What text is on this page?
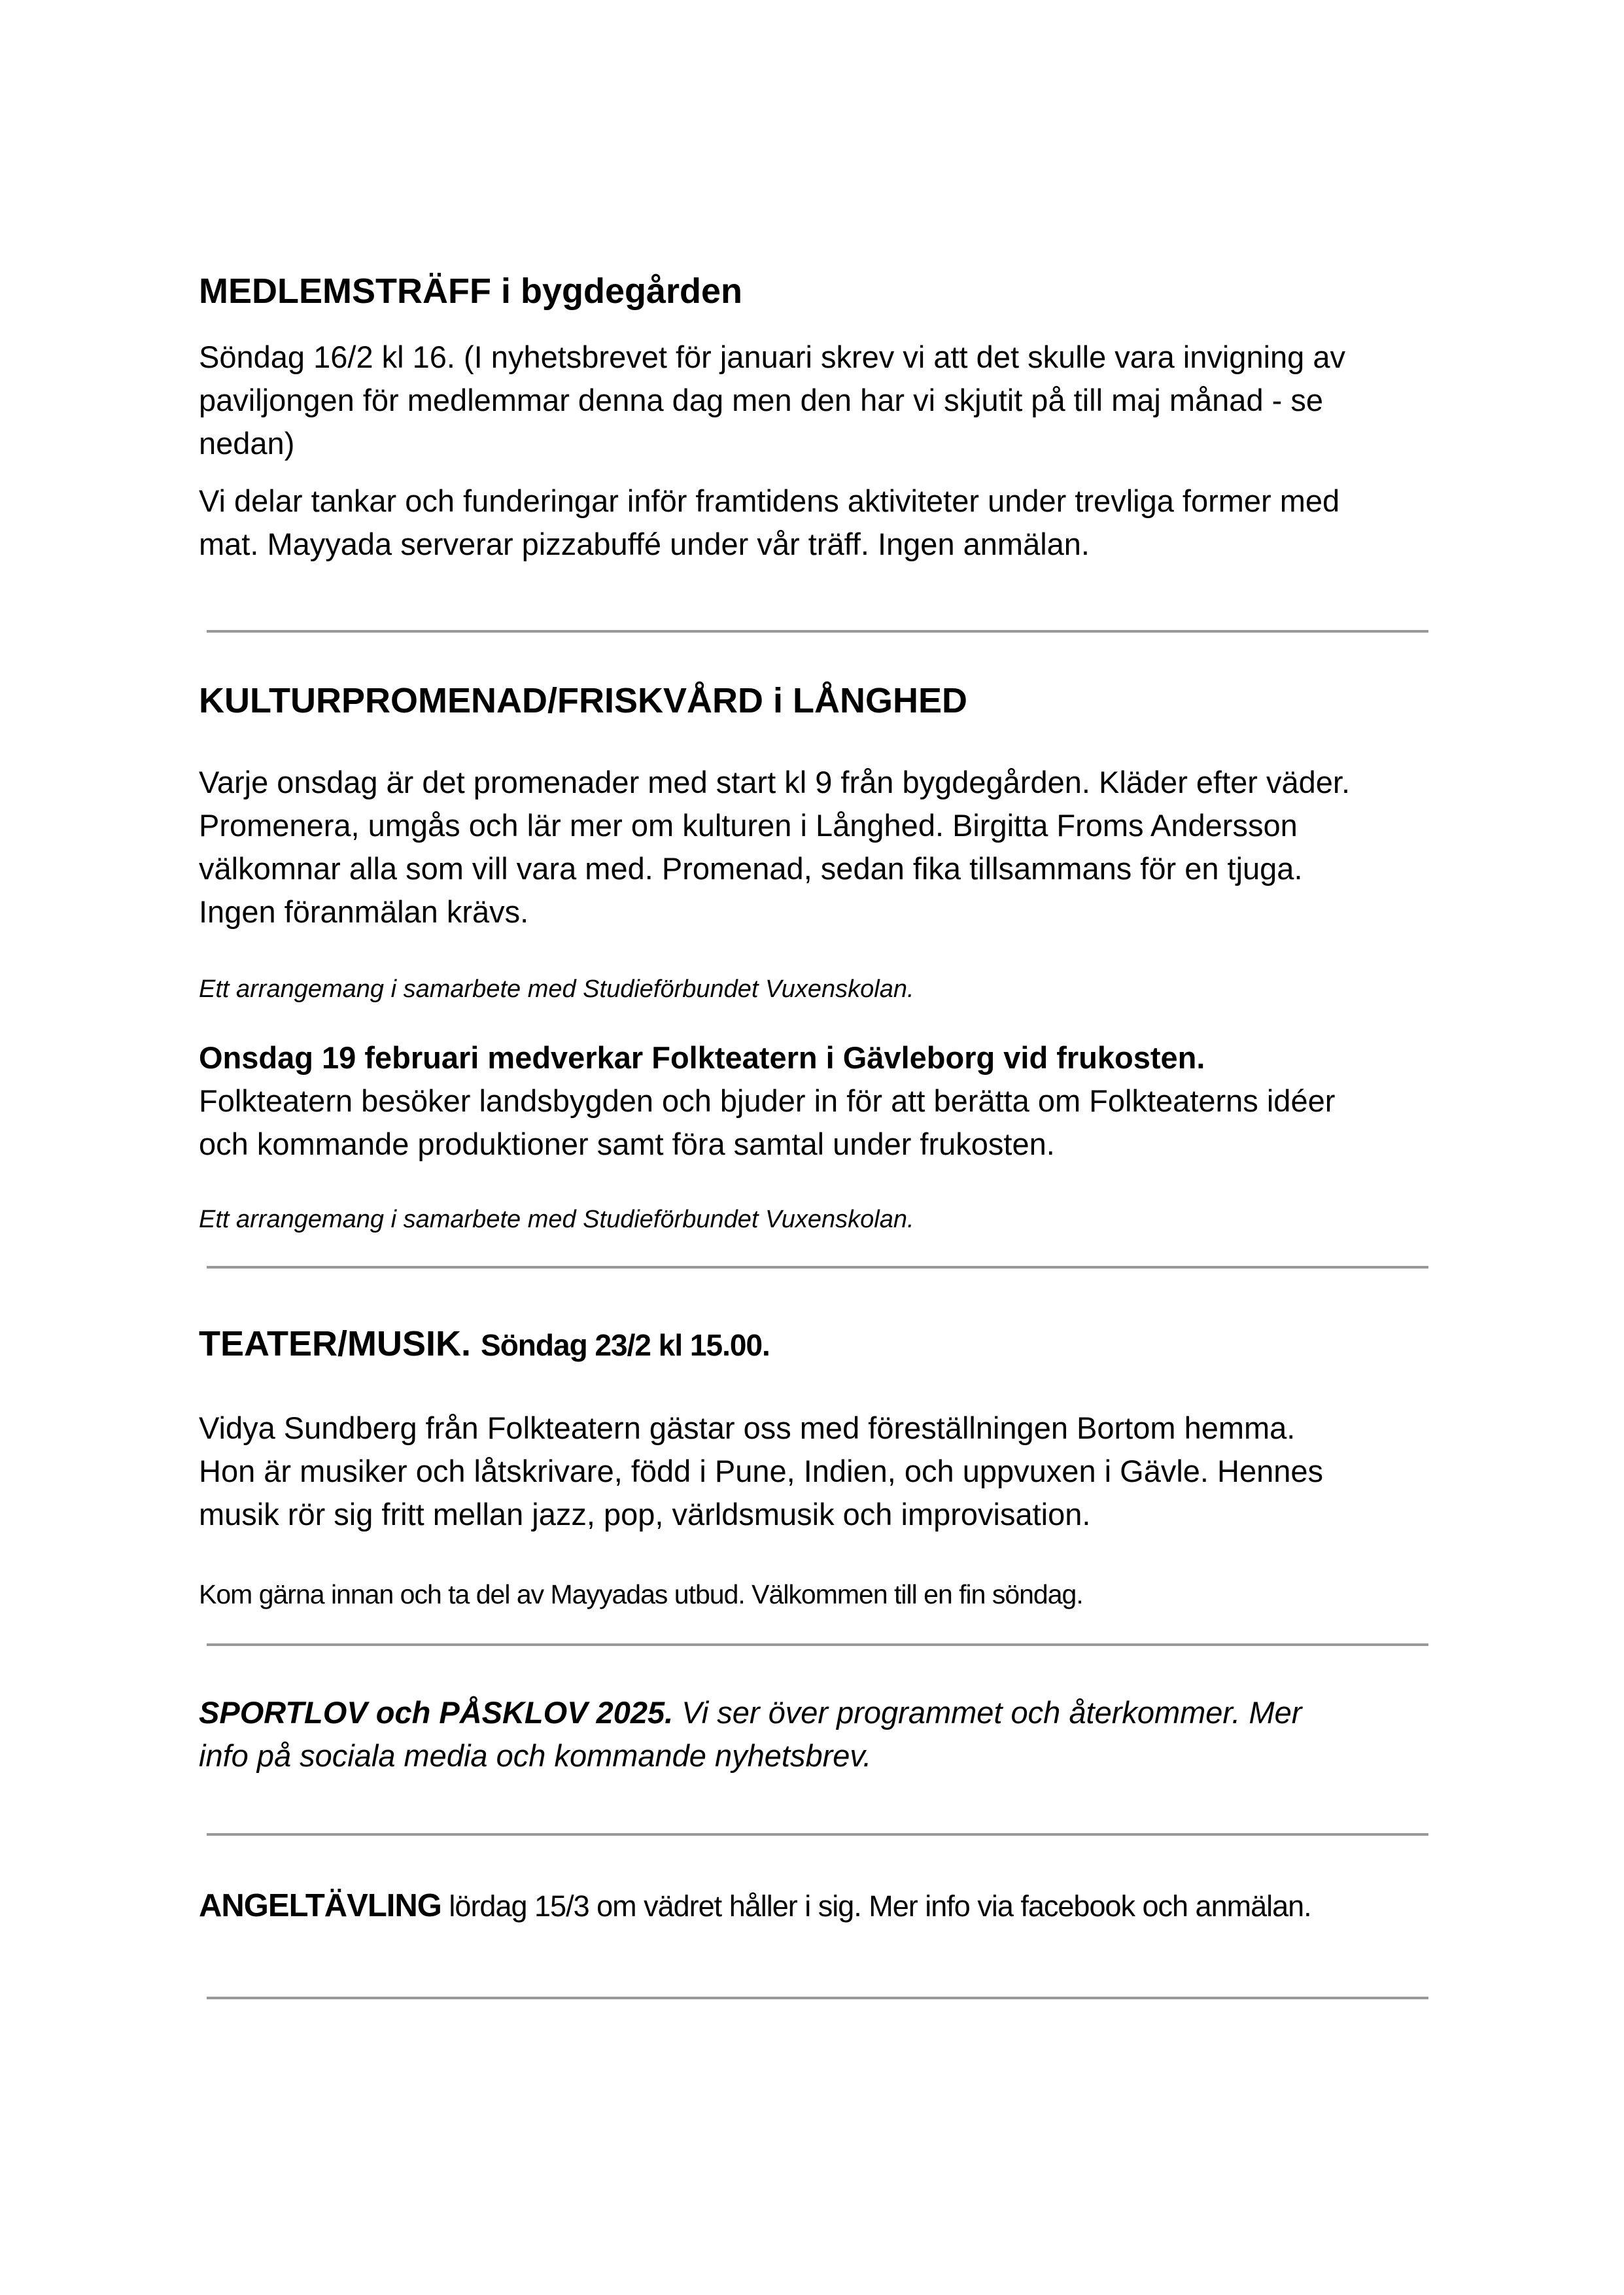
MEDLEMSTRÄFF i bygdegården

Söndag 16/2 kl 16. (I nyhetsbrevet för januari skrev vi att det skulle vara invigning av
paviljongen för medlemmar denna dag men den har vi skjutit på till maj månad - se
nedan)

Vi delar tankar och funderingar inför framtidens aktiviteter under trevliga former med
mat. Mayyada serverar pizzabuffé under vår träff. Ingen anmälan.

KULTURPROMENAD/FRISKVÅRD i LÅNGHED

Varje onsdag är det promenader med start kl 9 från bygdegården. Kläder efter väder.
Promenera, umgås och lär mer om kulturen i Långhed. Birgitta Froms Andersson
välkomnar alla som vill vara med. Promenad, sedan fika tillsammans för en tjuga.
Ingen föranmälan krävs.

Ett arrangemang i samarbete med Studieförbundet Vuxenskolan.

Onsdag 19 februari medverkar Folkteatern i Gävleborg vid frukosten.
Folkteatern besöker landsbygden och bjuder in för att berätta om Folkteaterns idéer
och kommande produktioner samt föra samtal under frukosten.

Ett arrangemang i samarbete med Studieförbundet Vuxenskolan.

TEATER/MUSIK. Söndag 23/2 kl 15.00.

Vidya Sundberg från Folkteatern gästar oss med föreställningen Bortom hemma.
Hon är musiker och låtskrivare, född i Pune, Indien, och uppvuxen i Gävle. Hennes
musik rör sig fritt mellan jazz, pop, världsmusik och improvisation.

Kom gärna innan och ta del av Mayyadas utbud. Välkommen till en fin söndag.

SPORTLOV och PÅSKLOV 2025. Vi ser över programmet och återkommer. Mer
info på sociala media och kommande nyhetsbrev.

ANGELTÄVLING lördag 15/3 om vädret håller i sig. Mer info via facebook och anmälan.
